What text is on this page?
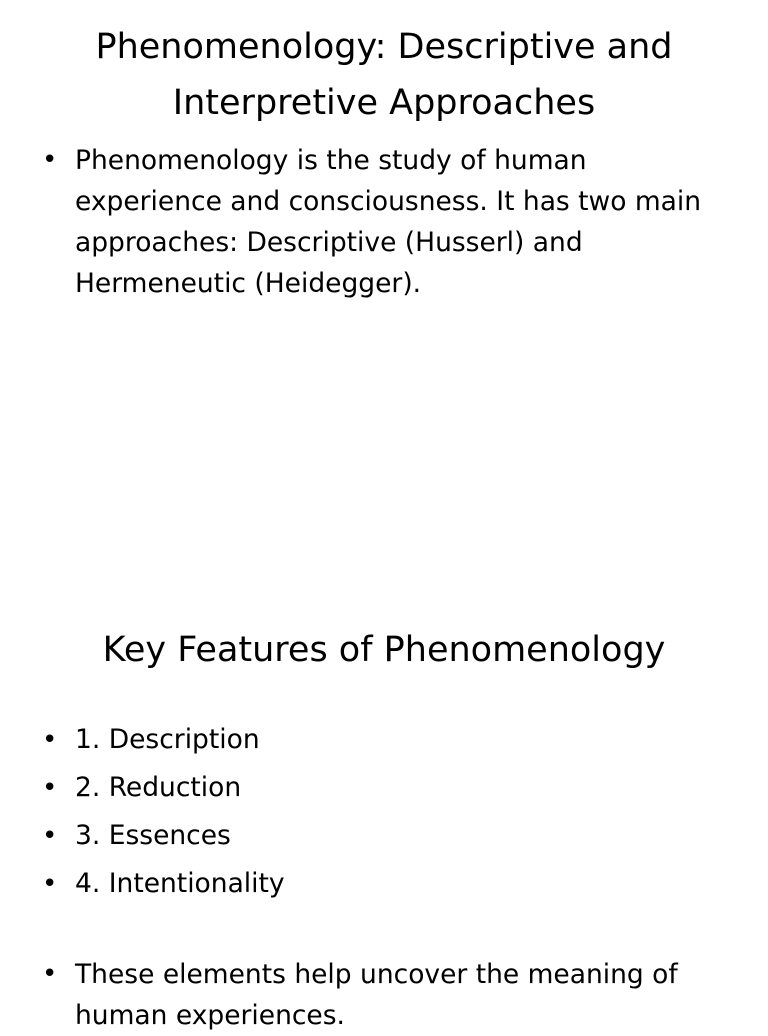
Phenomenology: Descriptive and Interpretive Approaches
• Phenomenology is the study of human experience and consciousness. It has two main approaches: Descriptive (Husserl) and Hermeneutic (Heidegger).
Key Features of Phenomenology
• 1. Description
• 2. Reduction
• 3. Essences
• 4. Intentionality
• These elements help uncover the meaning of human experiences.
